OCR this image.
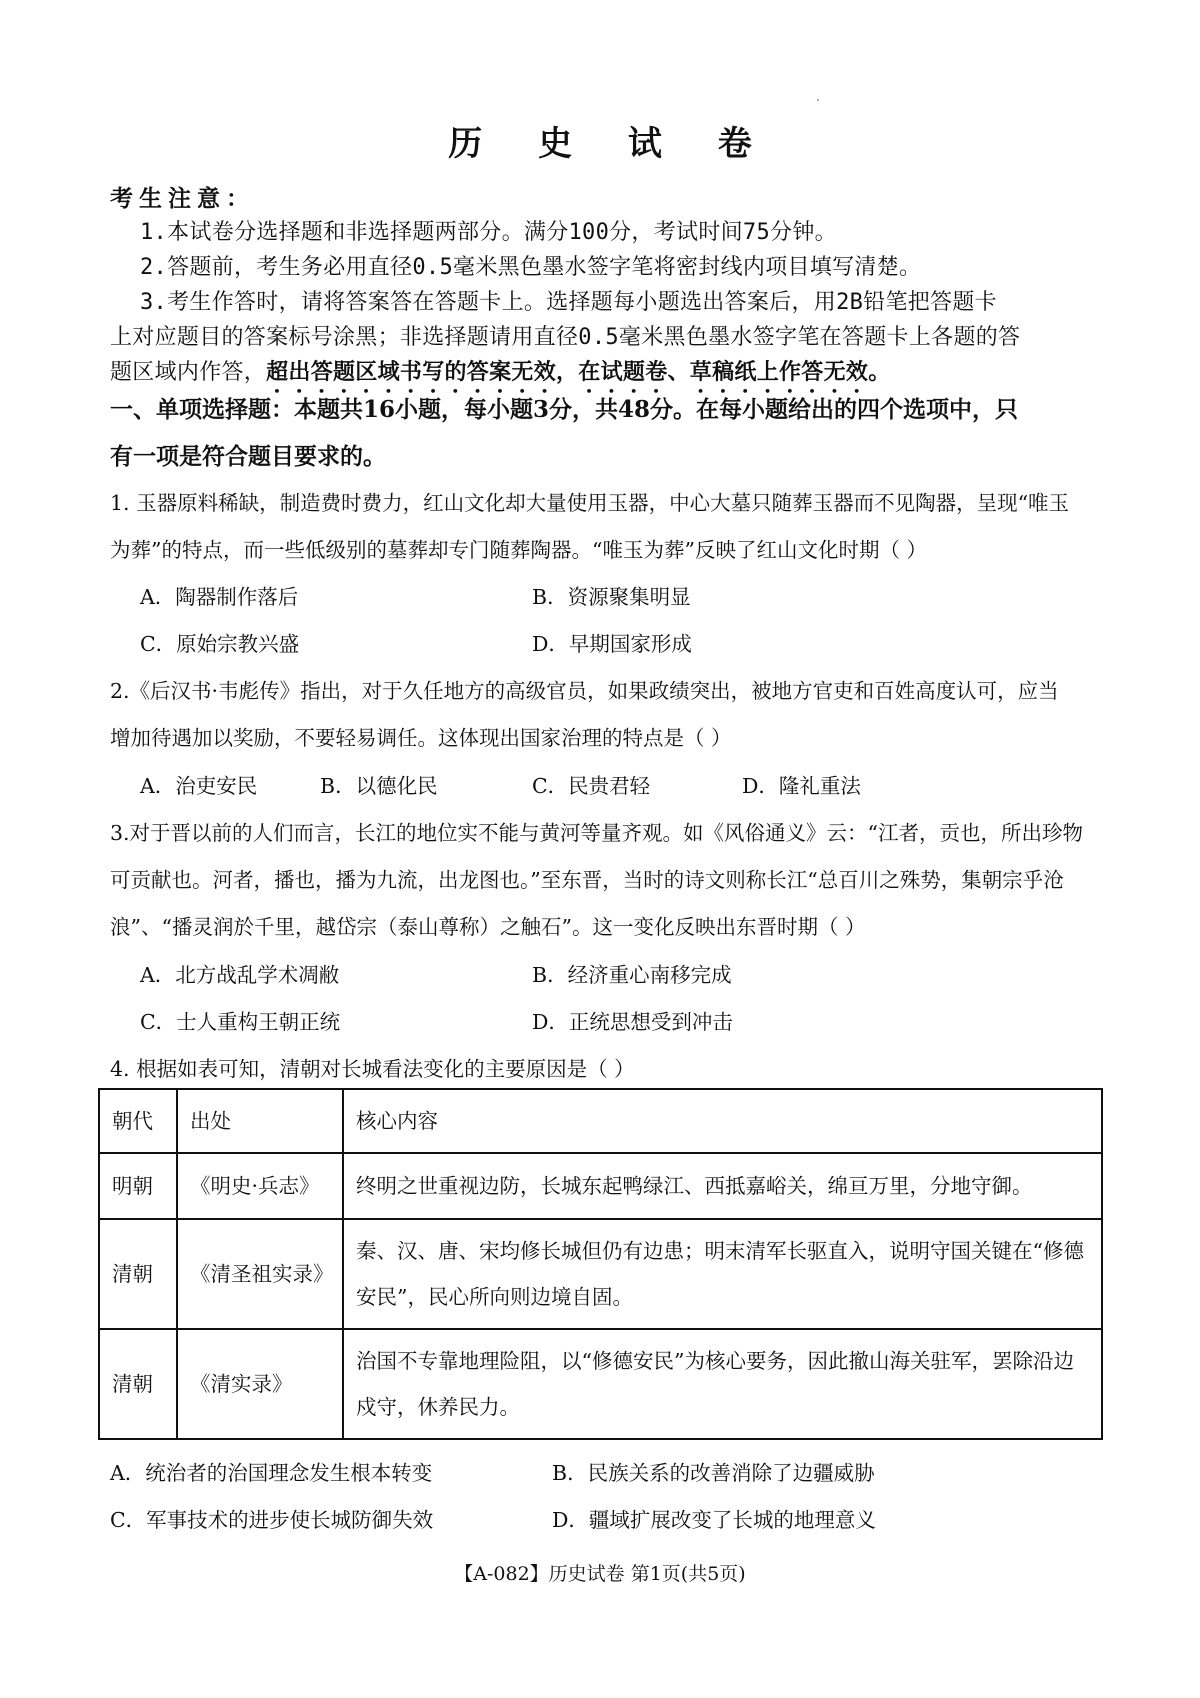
历 史 试 卷
考生注意：
1.本试卷分选择题和非选择题两部分。满分100分，考试时间75分钟。
2.答题前，考生务必用直径0.5毫米黑色墨水签字笔将密封线内项目填写清楚。
3.考生作答时，请将答案答在答题卡上。选择题每小题选出答案后，用2B铅笔把答题卡
上对应题目的答案标号涂黑；非选择题请用直径0.5毫米黑色墨水签字笔在答题卡上各题的答
题区域内作答，超出答题区域书写的答案无效，在试题卷、草稿纸上作答无效。
一、单项选择题：本题共16小题，每小题3分，共48分。在每小题给出的四个选项中，只
有一项是符合题目要求的。
1. 玉器原料稀缺，制造费时费力，红山文化却大量使用玉器，中心大墓只随葬玉器而不见陶器，呈现“唯玉
为葬”的特点，而一些低级别的墓葬却专门随葬陶器。“唯玉为葬”反映了红山文化时期（ ）
A．陶器制作落后	B．资源聚集明显
C．原始宗教兴盛	D．早期国家形成
2.《后汉书·韦彪传》指出，对于久任地方的高级官员，如果政绩突出，被地方官吏和百姓高度认可，应当
增加待遇加以奖励，不要轻易调任。这体现出国家治理的特点是（ ）
A．治吏安民	B．以德化民	C．民贵君轻	D．隆礼重法
3.对于晋以前的人们而言，长江的地位实不能与黄河等量齐观。如《风俗通义》云：“江者，贡也，所出珍物
可贡献也。河者，播也，播为九流，出龙图也。”至东晋，当时的诗文则称长江“总百川之殊势，集朝宗乎沧
浪”、“播灵润於千里，越岱宗（泰山尊称）之触石”。这一变化反映出东晋时期（ ）
A．北方战乱学术凋敝	B．经济重心南移完成
C．士人重构王朝正统	D．正统思想受到冲击
4. 根据如表可知，清朝对长城看法变化的主要原因是（ ）
朝代	出处	核心内容
明朝	《明史·兵志》	终明之世重视边防，长城东起鸭绿江、西抵嘉峪关，绵亘万里，分地守御。
清朝	《清圣祖实录》	秦、汉、唐、宋均修长城但仍有边患；明末清军长驱直入，说明守国关键在“修德安民”，民心所向则边境自固。
清朝	《清实录》	治国不专靠地理险阻，以“修德安民”为核心要务，因此撤山海关驻军，罢除沿边戍守，休养民力。
A．统治者的治国理念发生根本转变	B．民族关系的改善消除了边疆威胁
C．军事技术的进步使长城防御失效	D．疆域扩展改变了长城的地理意义
【A-082】历史试卷 第1页(共5页)
